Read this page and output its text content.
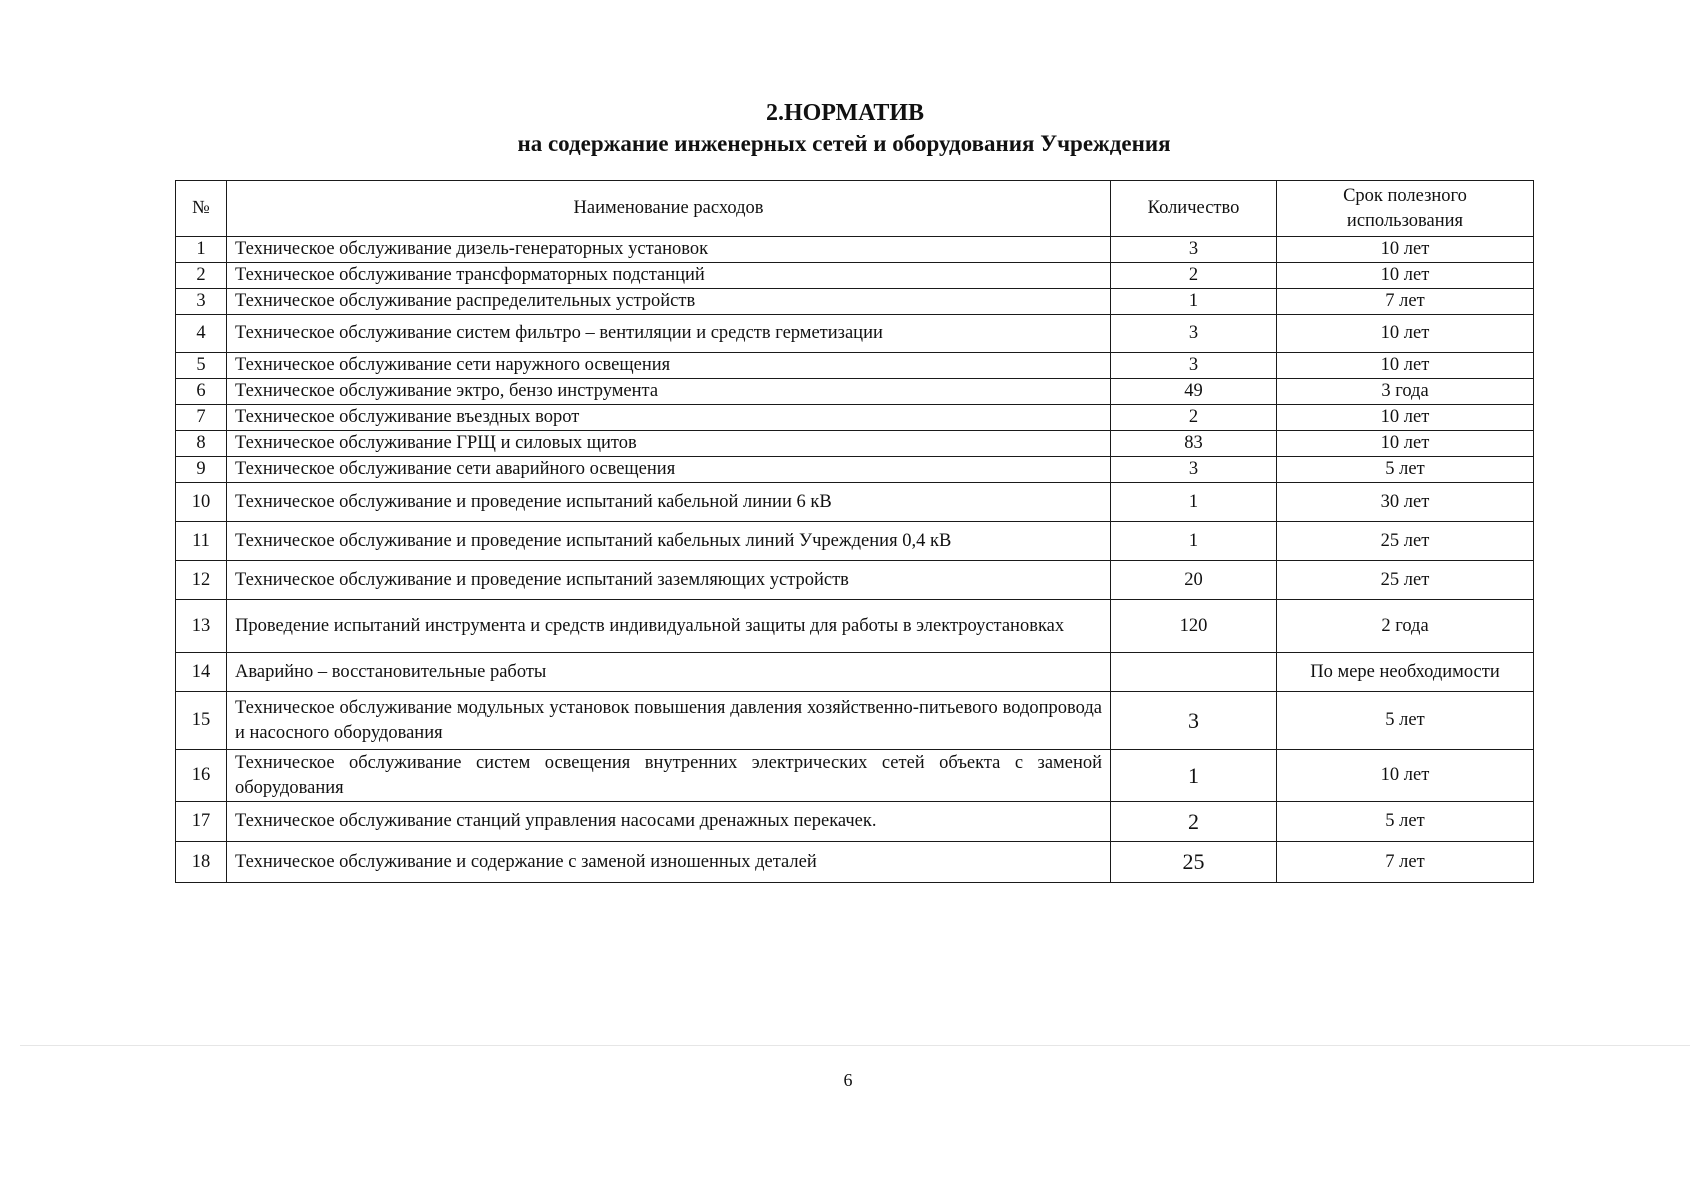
2.НОРМАТИВ
на содержание инженерных сетей и оборудования Учреждения
№	Наименование расходов	Количество	Срок полезного использования
1	Техническое обслуживание дизель-генераторных установок	3	10 лет
2	Техническое обслуживание трансформаторных подстанций	2	10 лет
3	Техническое обслуживание распределительных устройств	1	7 лет
4	Техническое обслуживание систем фильтро – вентиляции и средств герметизации	3	10 лет
5	Техническое обслуживание сети наружного освещения	3	10 лет
6	Техническое обслуживание эктро, бензо инструмента	49	3 года
7	Техническое обслуживание въездных ворот	2	10 лет
8	Техническое обслуживание ГРЩ и силовых щитов	83	10 лет
9	Техническое обслуживание сети аварийного освещения	3	5 лет
10	Техническое обслуживание и проведение испытаний кабельной линии 6 кВ	1	30 лет
11	Техническое обслуживание и проведение испытаний кабельных линий Учреждения 0,4 кВ	1	25 лет
12	Техническое обслуживание и проведение испытаний заземляющих устройств	20	25 лет
13	Проведение испытаний инструмента и средств индивидуальной защиты для работы в электроустановках	120	2 года
14	Аварийно – восстановительные работы		По мере необходимости
15	Техническое обслуживание модульных установок повышения давления хозяйственно-питьевого водопровода и насосного оборудования	3	5 лет
16	Техническое обслуживание систем освещения внутренних электрических сетей объекта с заменой оборудования	1	10 лет
17	Техническое обслуживание станций управления насосами дренажных перекачек.	2	5 лет
18	Техническое обслуживание и содержание с заменой изношенных деталей	25	7 лет
6
